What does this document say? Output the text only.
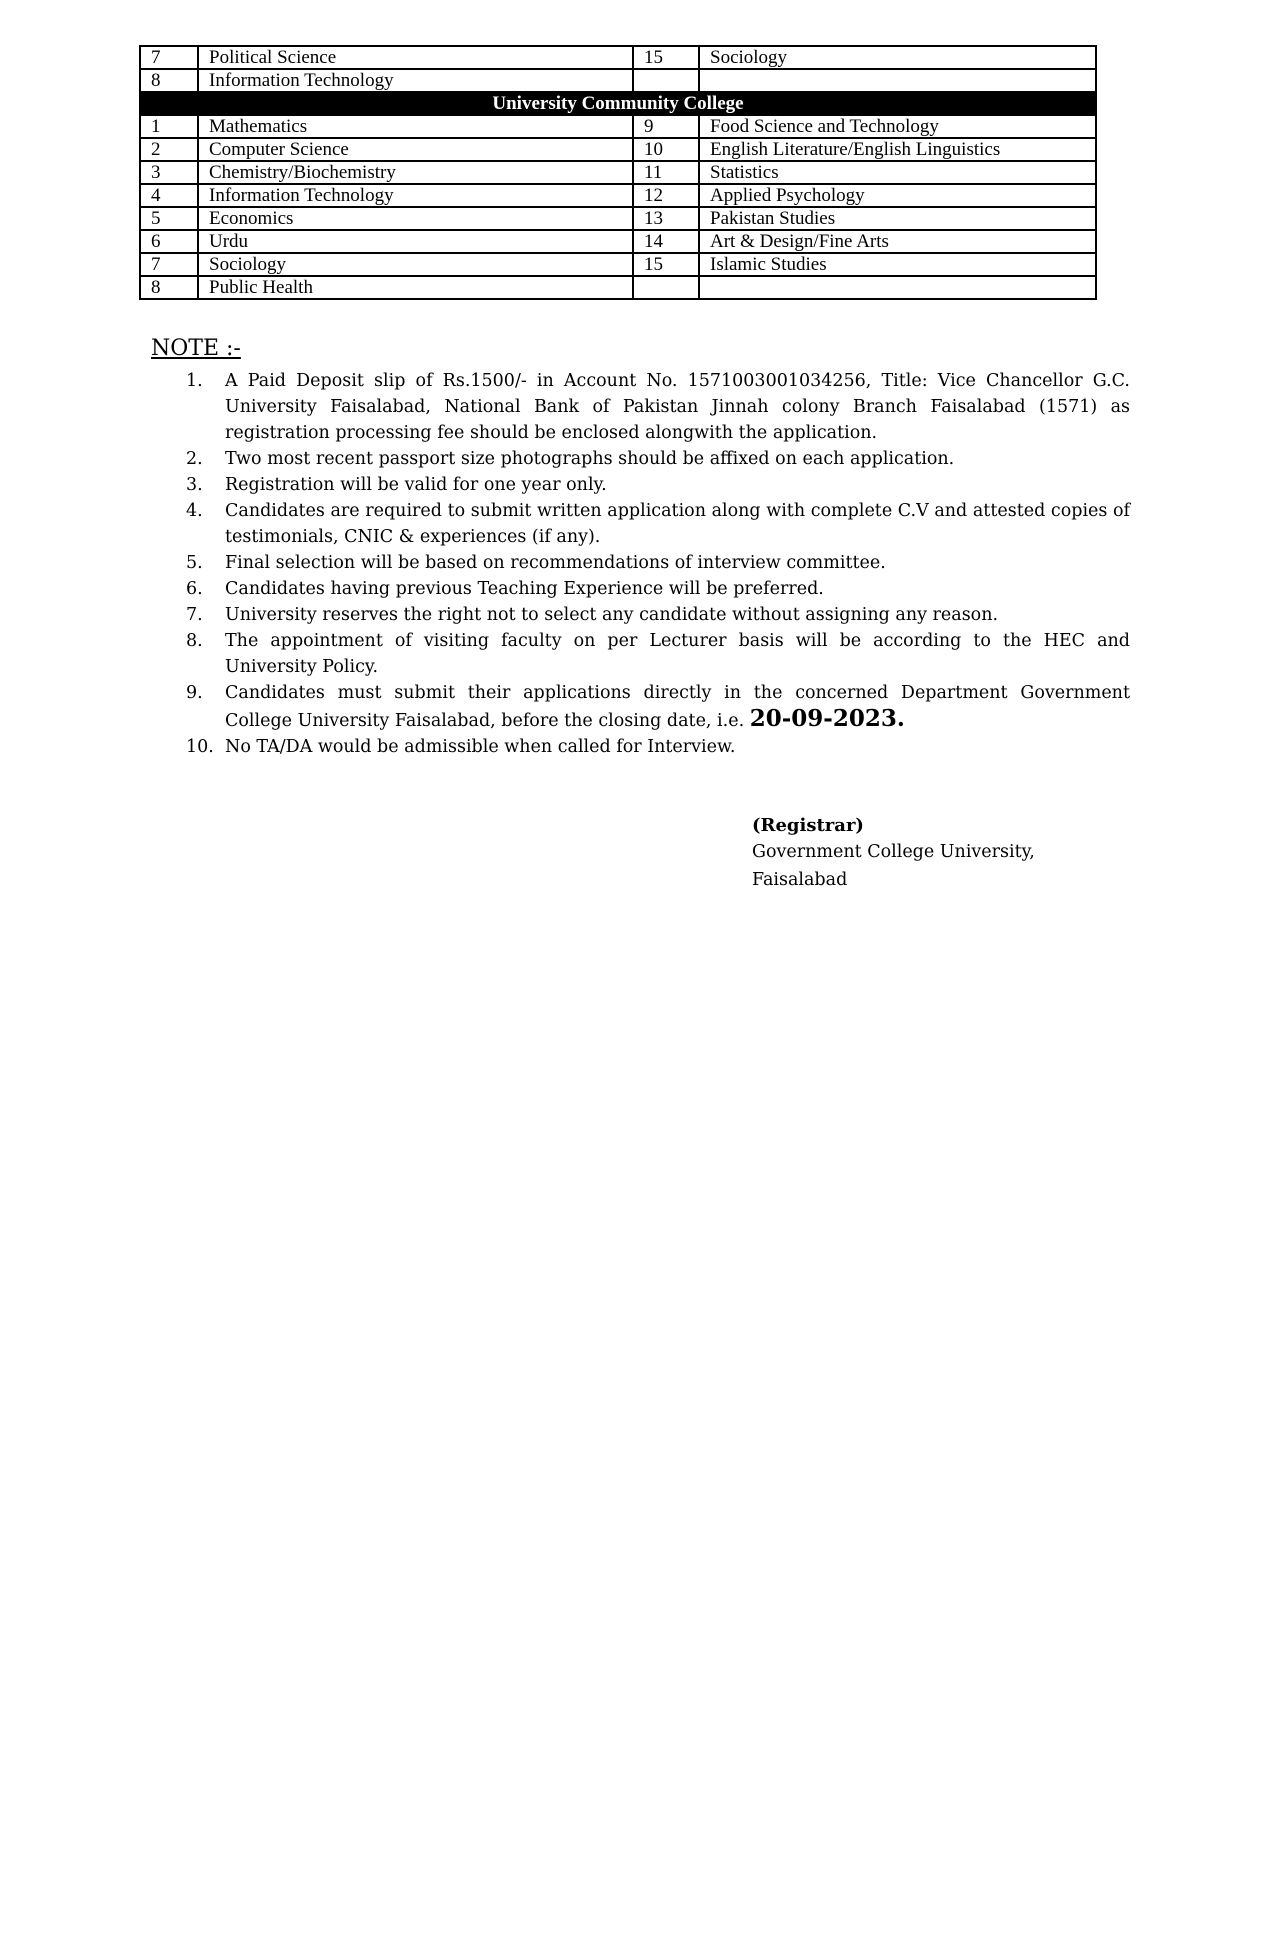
7	Political Science	15	Sociology
8	Information Technology		
University Community College			
1	Mathematics	9	Food Science and Technology
2	Computer Science	10	English Literature/English Linguistics
3	Chemistry/Biochemistry	11	Statistics
4	Information Technology	12	Applied Psychology
5	Economics	13	Pakistan Studies
6	Urdu	14	Art & Design/Fine Arts
7	Sociology	15	Islamic Studies
8	Public Health		
NOTE :-
1. A Paid Deposit slip of Rs.1500/- in Account No. 1571003001034256, Title: Vice Chancellor G.C. University Faisalabad, National Bank of Pakistan Jinnah colony Branch Faisalabad (1571) as registration processing fee should be enclosed alongwith the application.
2. Two most recent passport size photographs should be affixed on each application.
3. Registration will be valid for one year only.
4. Candidates are required to submit written application along with complete C.V and attested copies of testimonials, CNIC & experiences (if any).
5. Final selection will be based on recommendations of interview committee.
6. Candidates having previous Teaching Experience will be preferred.
7. University reserves the right not to select any candidate without assigning any reason.
8. The appointment of visiting faculty on per Lecturer basis will be according to the HEC and University Policy.
9. Candidates must submit their applications directly in the concerned Department Government College University Faisalabad, before the closing date, i.e. 20-09-2023.
10. No TA/DA would be admissible when called for Interview.
(Registrar)
Government College University,
Faisalabad
